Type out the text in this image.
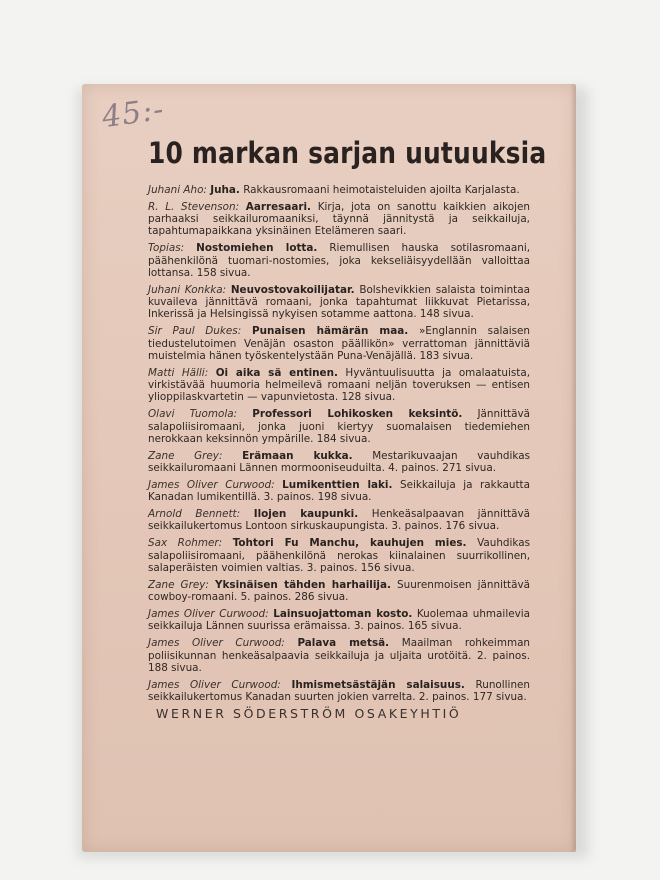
45:-
10 markan sarjan uutuuksia

Juhani Aho: Juha. Rakkausromaani heimotaisteluiden ajoilta Karjalasta.

R. L. Stevenson: Aarresaari. Kirja, jota on sanottu kaikkien aikojen parhaaksi seikkailuromaaniksi, täynnä jännitystä ja seikkailuja, tapahtumapaikkana yksinäinen Etelämeren saari.

Topias: Nostomiehen lotta. Riemullisen hauska sotilasromaani, päähenkilönä tuomari-nostomies, joka kekseliäisyydellään valloittaa lottansa. 158 sivua.

Juhani Konkka: Neuvostovakoilijatar. Bolshevikkien salaista toimintaa kuvaileva jännittävä romaani, jonka tapahtumat liikkuvat Pietarissa, Inkerissä ja Helsingissä nykyisen sotamme aattona. 148 sivua.

Sir Paul Dukes: Punaisen hämärän maa. »Englannin salaisen tiedustelutoimen Venäjän osaston päällikön» verrattoman jännittäviä muistelmia hänen työskentelystään Puna-Venäjällä. 183 sivua.

Matti Hälli: Oi aika sä entinen. Hyväntuulisuutta ja omalaatuista, virkistävää huumoria helmeilevä romaani neljän toveruksen — entisen ylioppilaskvartetin — vapunvietosta. 128 sivua.

Olavi Tuomola: Professori Lohikosken keksintö. Jännittävä salapoliisiromaani, jonka juoni kiertyy suomalaisen tiedemiehen nerokkaan keksinnön ympärille. 184 sivua.

Zane Grey: Erämaan kukka. Mestarikuvaajan vauhdikas seikkailuromaani Lännen mormooniseuduilta. 4. painos. 271 sivua.

James Oliver Curwood: Lumikenttien laki. Seikkailuja ja rakkautta Kanadan lumikentillä. 3. painos. 198 sivua.

Arnold Bennett: Ilojen kaupunki. Henkeäsalpaavan jännittävä seikkailukertomus Lontoon sirkuskaupungista. 3. painos. 176 sivua.

Sax Rohmer: Tohtori Fu Manchu, kauhujen mies. Vauhdikas salapoliisiromaani, päähenkilönä nerokas kiinalainen suurrikollinen, salaperäisten voimien valtias. 3. painos. 156 sivua.

Zane Grey: Yksinäisen tähden harhailija. Suurenmoisen jännittävä cowboy-romaani. 5. painos. 286 sivua.

James Oliver Curwood: Lainsuojattoman kosto. Kuolemaa uhmailevia seikkailuja Lännen suurissa erämaissa. 3. painos. 165 sivua.

James Oliver Curwood: Palava metsä. Maailman rohkeimman poliisikunnan henkeäsalpaavia seikkailuja ja uljaita urotöitä. 2. painos. 188 sivua.

James Oliver Curwood: Ihmismetsästäjän salaisuus. Runollinen seikkailukertomus Kanadan suurten jokien varrelta. 2. painos. 177 sivua.

WERNER SÖDERSTRÖM OSAKEYHTIÖ
